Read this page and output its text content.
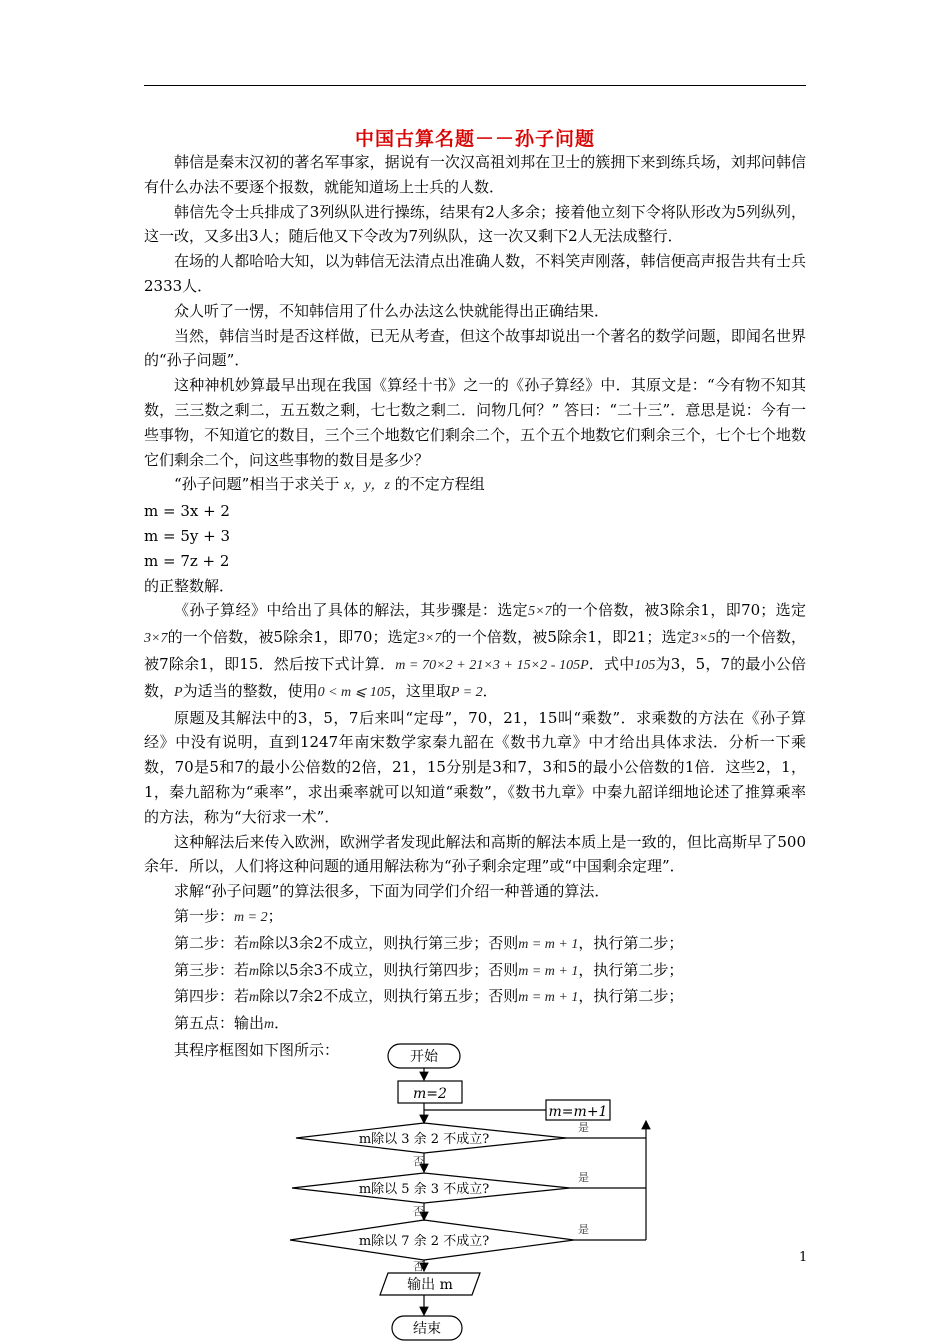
中国古算名题－－孙子问题

韩信是秦末汉初的著名军事家，据说有一次汉高祖刘邦在卫士的簇拥下来到练兵场，刘邦问韩信有什么办法不要逐个报数，就能知道场上士兵的人数．

韩信先令士兵排成了3列纵队进行操练，结果有2人多余；接着他立刻下令将队形改为5列纵列，这一改，又多出3人；随后他又下令改为7列纵队，这一次又剩下2人无法成整行．

在场的人都哈哈大知，以为韩信无法清点出准确人数，不料笑声刚落，韩信便高声报告共有士兵2333人．

众人听了一愣，不知韩信用了什么办法这么快就能得出正确结果．

当然，韩信当时是否这样做，已无从考查，但这个故事却说出一个著名的数学问题，即闻名世界的“孙子问题”．

这种神机妙算最早出现在我国《算经十书》之一的《孙子算经》中．其原文是：“今有物不知其数，三三数之剩二，五五数之剩，七七数之剩二．问物几何？” 答曰：“二十三”．意思是说：今有一些事物，不知道它的数目，三个三个地数它们剩余二个，五个五个地数它们剩余三个，七个七个地数它们剩余二个，问这些事物的数目是多少？

“孙子问题”相当于求关于 x，y，z 的不定方程组

m = 3x + 2
m = 5y + 3
m = 7z + 2
的正整数解．

《孙子算经》中给出了具体的解法，其步骤是：选定5×7的一个倍数，被3除余1，即70；选定3×7的一个倍数，被5除余1，即70；选定3×7的一个倍数，被5除余1，即21；选定3×5的一个倍数，被7除余1，即15．然后按下式计算．m = 70×2 + 21×3 + 15×2 - 105P．式中105为3，5，7的最小公倍数，P为适当的整数，使用0 < m ⩽ 105，这里取P = 2．

原题及其解法中的3，5，7后来叫“定母”，70，21，15叫“乘数”．求乘数的方法在《孙子算经》中没有说明，直到1247年南宋数学家秦九韶在《数书九章》中才给出具体求法．分析一下乘数，70是5和7的最小公倍数的2倍，21，15分别是3和7，3和5的最小公倍数的1倍．这些2，1，1，秦九韶称为“乘率”，求出乘率就可以知道“乘数”，《数书九章》中秦九韶详细地论述了推算乘率的方法，称为“大衍求一术”．

这种解法后来传入欧洲，欧洲学者发现此解法和高斯的解法本质上是一致的，但比高斯早了500余年．所以，人们将这种问题的通用解法称为“孙子剩余定理”或“中国剩余定理”．

求解“孙子问题”的算法很多，下面为同学们介绍一种普通的算法．

第一步：m = 2；

第二步：若m除以3余2不成立，则执行第三步；否则m = m + 1，执行第二步；

第三步：若m除以5余3不成立，则执行第四步；否则m = m + 1，执行第二步；

第四步：若m除以7余2不成立，则执行第五步；否则m = m + 1，执行第二步；

第五点：输出m．

其程序框图如下图所示：	开始
m=2
m=m+1
m除以 3 余 2 不成立?
m除以 5 余 3 不成立?
m除以 7 余 2 不成立?
输出 m
结束
是
是
是
否
否
否
1
